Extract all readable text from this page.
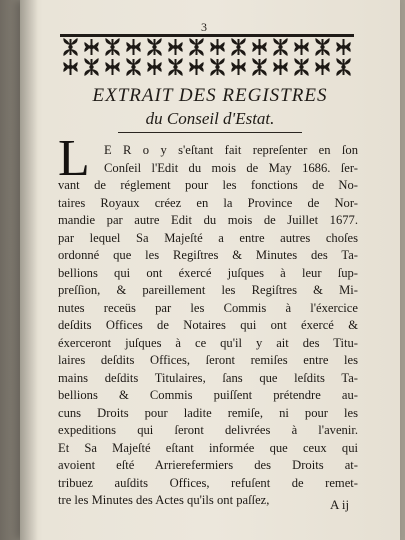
3
EXTRAIT DES REGISTRES
du Conseil d'Estat.
L	E R o y s'eſtant fait repreſenter en ſon
Conſeil l'Edit du mois de May 1686. ſer-
vant de réglement pour les fonctions de No-
taires Royaux créez en la Province de Nor-
mandie par autre Edit du mois de Juillet 1677.
par lequel Sa Majeſté a entre autres choſes
ordonné que les Regiſtres & Minutes des Ta-
bellions qui ont éxercé juſques à leur ſup-
preſſion, & pareillement les Regiſtres & Mi-
nutes receüs par les Commis à l'éxercice
deſdits Offices de Notaires qui ont éxercé &
éxerceront juſques à ce qu'il y ait des Titu-
laires deſdits Offices, ſeront remiſes entre les
mains deſdits Titulaires, ſans que leſdits Ta-
bellions & Commis puiſſent prétendre au-
cuns Droits pour ladite remiſe, ni pour les
expeditions qui ſeront delivrées à l'avenir.
Et Sa Majeſté eſtant informée que ceux qui
avoient eſté Arrierefermiers des Droits at-
tribuez auſdits Offices, refuſent de remet-
tre les Minutes des Actes qu'ils ont paſſez,	A ij
